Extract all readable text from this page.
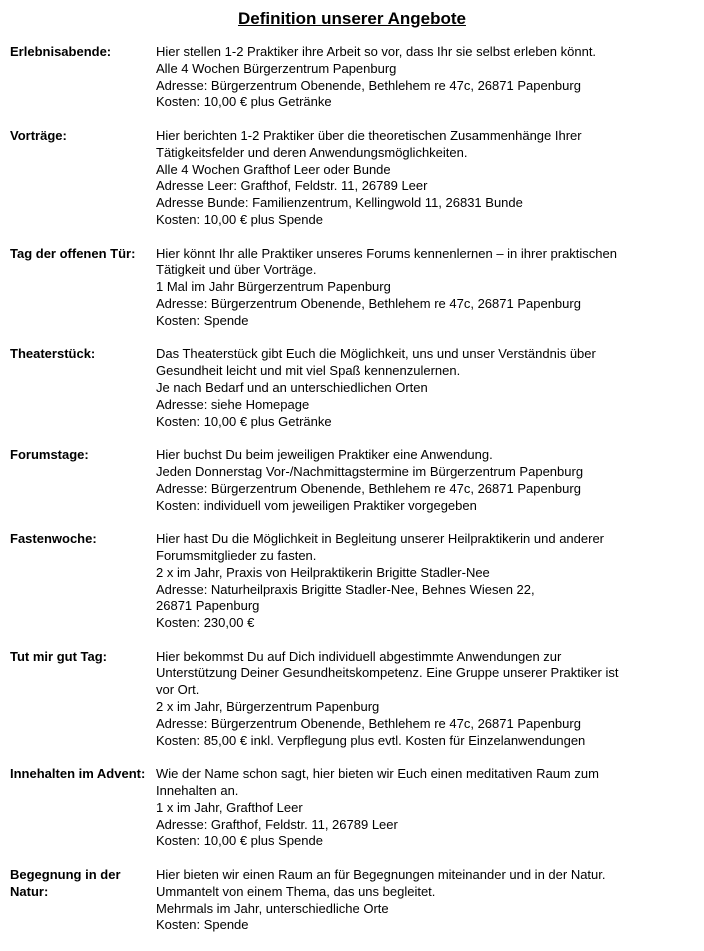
Definition unserer Angebote
Erlebnisabende:	Hier stellen 1-2 Praktiker ihre Arbeit so vor, dass Ihr sie selbst erleben könnt.
Alle 4 Wochen Bürgerzentrum Papenburg
Adresse: Bürgerzentrum Obenende, Bethlehem re 47c, 26871 Papenburg
Kosten: 10,00 € plus Getränke
Vorträge:	Hier berichten 1-2 Praktiker über die theoretischen Zusammenhänge Ihrer
Tätigkeitsfelder und deren Anwendungsmöglichkeiten.
Alle 4 Wochen Grafthof Leer oder Bunde
Adresse Leer: Grafthof, Feldstr. 11, 26789 Leer
Adresse Bunde: Familienzentrum, Kellingwold 11, 26831 Bunde
Kosten: 10,00 € plus Spende
Tag der offenen Tür:	Hier könnt Ihr alle Praktiker unseres Forums kennenlernen – in ihrer praktischen
Tätigkeit und über Vorträge.
1 Mal im Jahr Bürgerzentrum Papenburg
Adresse: Bürgerzentrum Obenende, Bethlehem re 47c, 26871 Papenburg
Kosten: Spende
Theaterstück:	Das Theaterstück gibt Euch die Möglichkeit, uns und unser Verständnis über
Gesundheit leicht und mit viel Spaß kennenzulernen.
Je nach Bedarf und an unterschiedlichen Orten
Adresse: siehe Homepage
Kosten: 10,00 € plus Getränke
Forumstage:	Hier buchst Du beim jeweiligen Praktiker eine Anwendung.
Jeden Donnerstag Vor-/Nachmittagstermine im Bürgerzentrum Papenburg
Adresse: Bürgerzentrum Obenende, Bethlehem re 47c, 26871 Papenburg
Kosten: individuell vom jeweiligen Praktiker vorgegeben
Fastenwoche:	Hier hast Du die Möglichkeit in Begleitung unserer Heilpraktikerin und anderer
Forumsmitglieder zu fasten.
2 x im Jahr, Praxis von Heilpraktikerin Brigitte Stadler-Nee
Adresse: Naturheilpraxis Brigitte Stadler-Nee, Behnes Wiesen 22,
26871 Papenburg
Kosten: 230,00 €
Tut mir gut Tag:	Hier bekommst Du auf Dich individuell abgestimmte Anwendungen zur
Unterstützung Deiner Gesundheitskompetenz. Eine Gruppe unserer Praktiker ist
vor Ort.
2 x im Jahr, Bürgerzentrum Papenburg
Adresse: Bürgerzentrum Obenende, Bethlehem re 47c, 26871 Papenburg
Kosten: 85,00 € inkl. Verpflegung plus evtl. Kosten für Einzelanwendungen
Innehalten im Advent: Wie der Name schon sagt, hier bieten wir Euch einen meditativen Raum zum
Innehalten an.
1 x im Jahr, Grafthof Leer
Adresse: Grafthof, Feldstr. 11, 26789 Leer
Kosten: 10,00 € plus Spende
Begegnung in der
Natur:
Hier bieten wir einen Raum an für Begegnungen miteinander und in der Natur.
Ummantelt von einem Thema, das uns begleitet.
Mehrmals im Jahr, unterschiedliche Orte
Kosten: Spende
